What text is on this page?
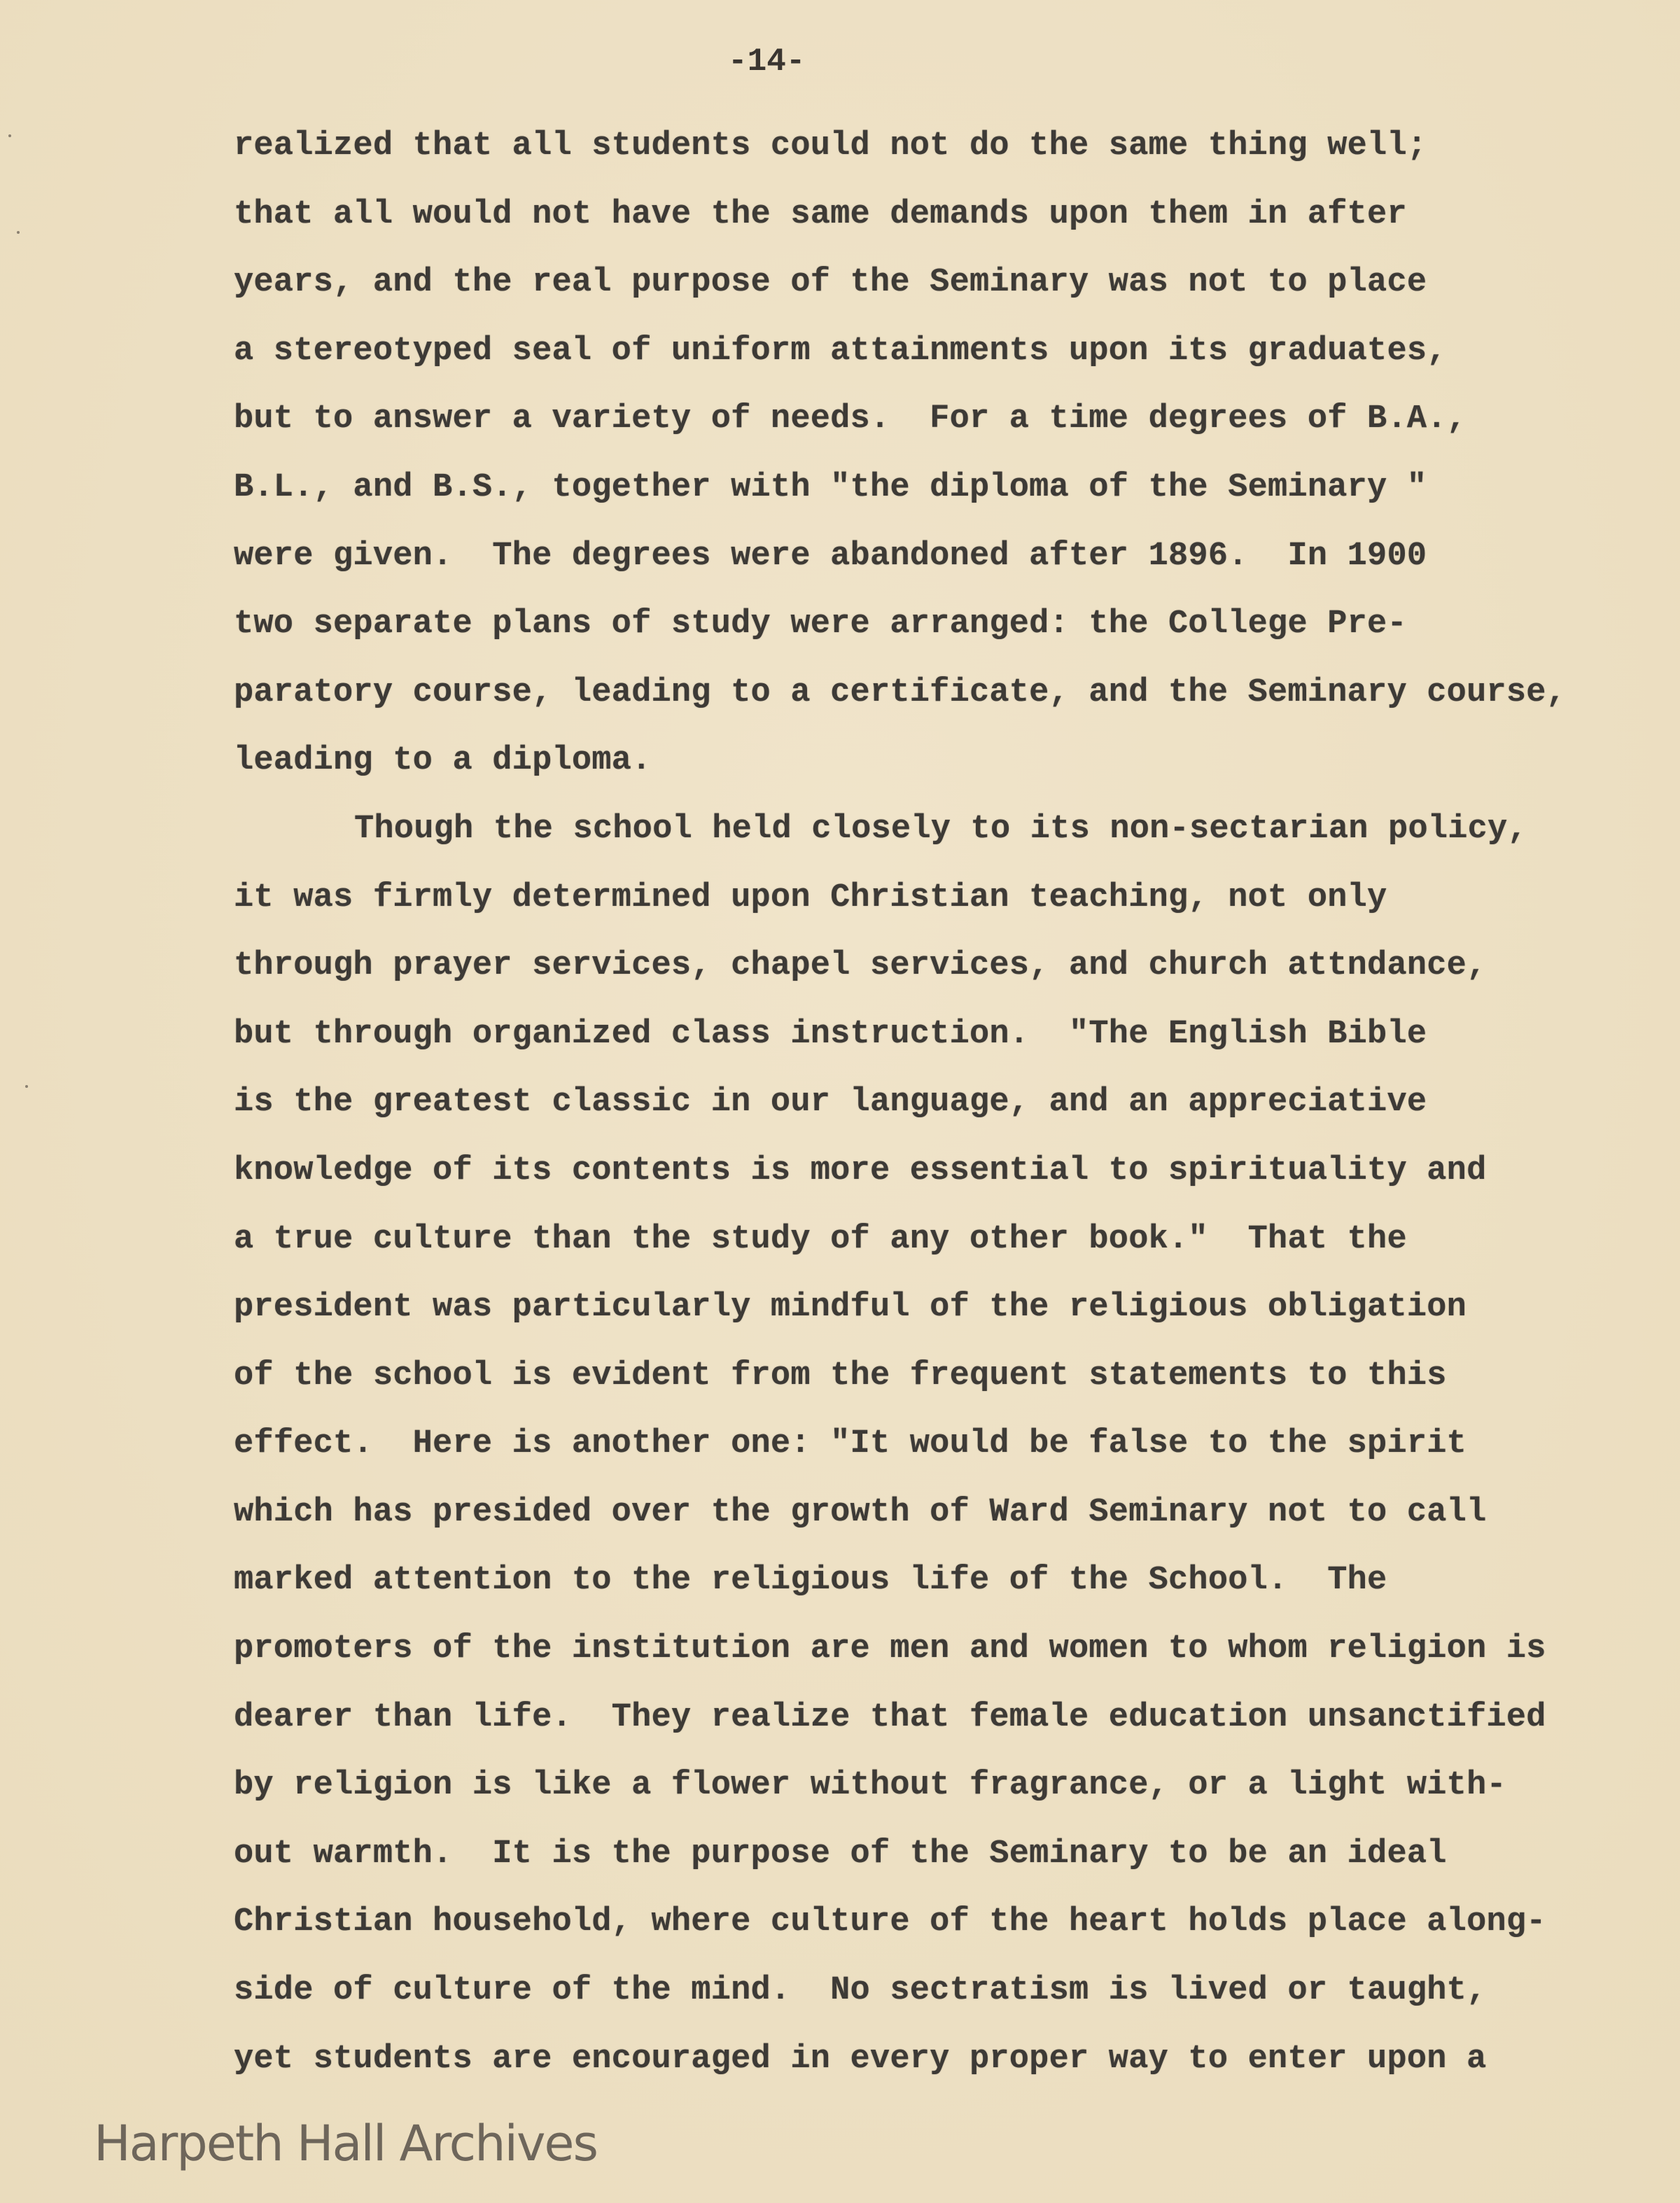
-14-
realized that all students could not do the same thing well;
that all would not have the same demands upon them in after
years, and the real purpose of the Seminary was not to place
a stereotyped seal of uniform attainments upon its graduates,
but to answer a variety of needs.  For a time degrees of B.A.,
B.L., and B.S., together with "the diploma of the Seminary "
were given.  The degrees were abandoned after 1896.  In 1900
two separate plans of study were arranged: the College Pre-
paratory course, leading to a certificate, and the Seminary course,
leading to a diploma.
Though the school held closely to its non-sectarian policy,
it was firmly determined upon Christian teaching, not only
through prayer services, chapel services, and church attndance,
but through organized class instruction.  "The English Bible
is the greatest classic in our language, and an appreciative
knowledge of its contents is more essential to spirituality and
a true culture than the study of any other book."  That the
president was particularly mindful of the religious obligation
of the school is evident from the frequent statements to this
effect.  Here is another one: "It would be false to the spirit
which has presided over the growth of Ward Seminary not to call
marked attention to the religious life of the School.  The
promoters of the institution are men and women to whom religion is
dearer than life.  They realize that female education unsanctified
by religion is like a flower without fragrance, or a light with-
out warmth.  It is the purpose of the Seminary to be an ideal
Christian household, where culture of the heart holds place along-
side of culture of the mind.  No sectratism is lived or taught,
yet students are encouraged in every proper way to enter upon a
Harpeth Hall Archives
